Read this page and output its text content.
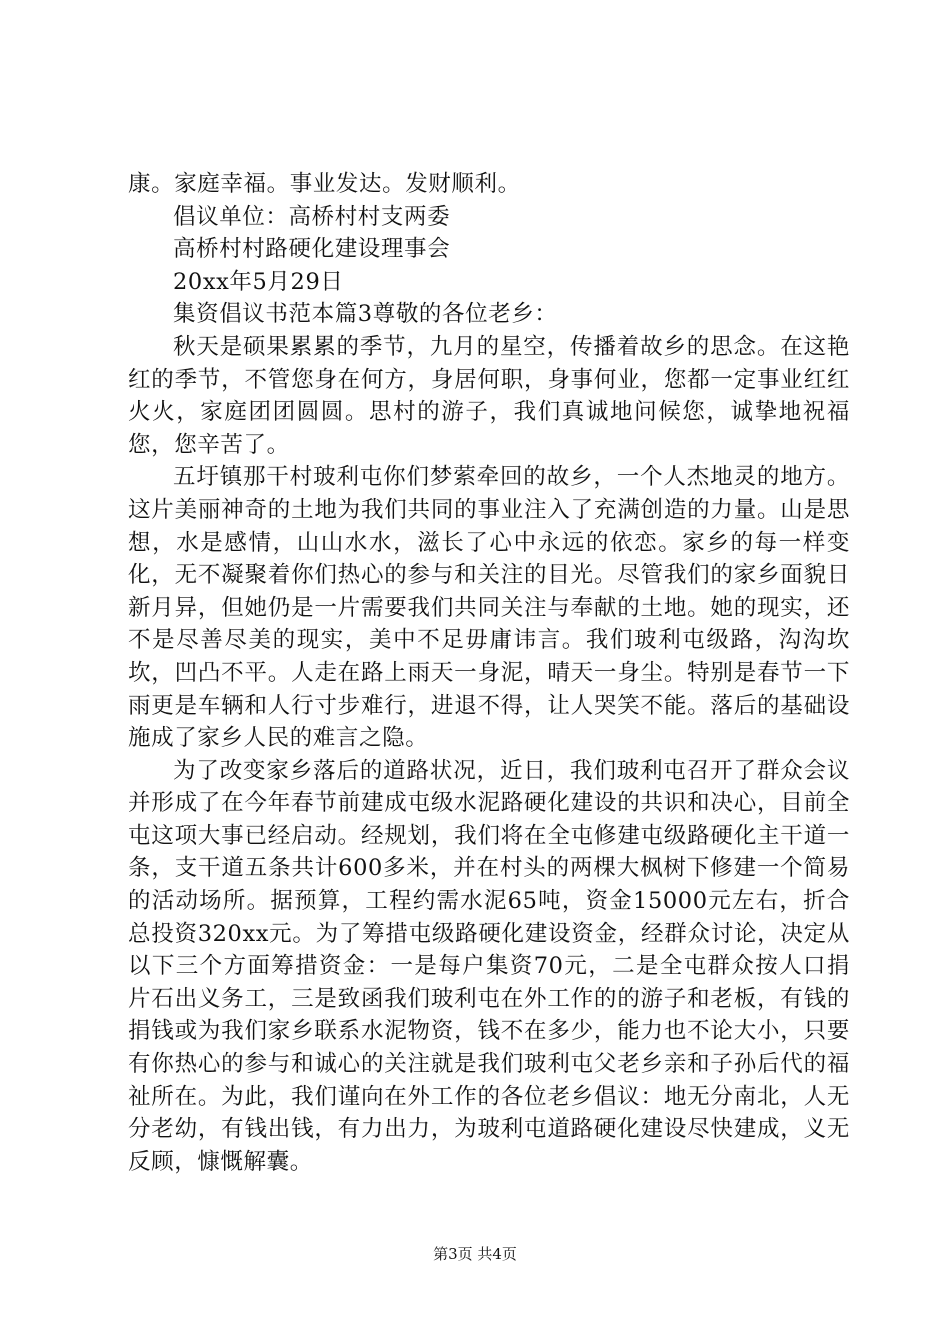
康。家庭幸福。事业发达。发财顺利。

倡议单位：高桥村村支两委

高桥村村路硬化建设理事会

20xx年5月29日

集资倡议书范本篇3尊敬的各位老乡：

秋天是硕果累累的季节，九月的星空，传播着故乡的思念。在这艳红的季节，不管您身在何方，身居何职，身事何业，您都一定事业红红火火，家庭团团圆圆。思村的游子，我们真诚地问候您，诚挚地祝福您，您辛苦了。

五圩镇那干村玻利屯你们梦萦牵回的故乡，一个人杰地灵的地方。这片美丽神奇的土地为我们共同的事业注入了充满创造的力量。山是思想，水是感情，山山水水，滋长了心中永远的依恋。家乡的每一样变化，无不凝聚着你们热心的参与和关注的目光。尽管我们的家乡面貌日新月异，但她仍是一片需要我们共同关注与奉献的土地。她的现实，还不是尽善尽美的现实，美中不足毋庸讳言。我们玻利屯级路，沟沟坎坎，凹凸不平。人走在路上雨天一身泥，晴天一身尘。特别是春节一下雨更是车辆和人行寸步难行，进退不得，让人哭笑不能。落后的基础设施成了家乡人民的难言之隐。

为了改变家乡落后的道路状况，近日，我们玻利屯召开了群众会议并形成了在今年春节前建成屯级水泥路硬化建设的共识和决心，目前全屯这项大事已经启动。经规划，我们将在全屯修建屯级路硬化主干道一条，支干道五条共计600多米，并在村头的两棵大枫树下修建一个简易的活动场所。据预算，工程约需水泥65吨，资金15000元左右，折合总投资320xx元。为了筹措屯级路硬化建设资金，经群众讨论，决定从以下三个方面筹措资金：一是每户集资70元，二是全屯群众按人口捐片石出义务工，三是致函我们玻利屯在外工作的的游子和老板，有钱的捐钱或为我们家乡联系水泥物资，钱不在多少，能力也不论大小，只要有你热心的参与和诚心的关注就是我们玻利屯父老乡亲和子孙后代的福祉所在。为此，我们谨向在外工作的各位老乡倡议：地无分南北，人无分老幼，有钱出钱，有力出力，为玻利屯道路硬化建设尽快建成，义无反顾，慷慨解囊。

第3页 共4页
